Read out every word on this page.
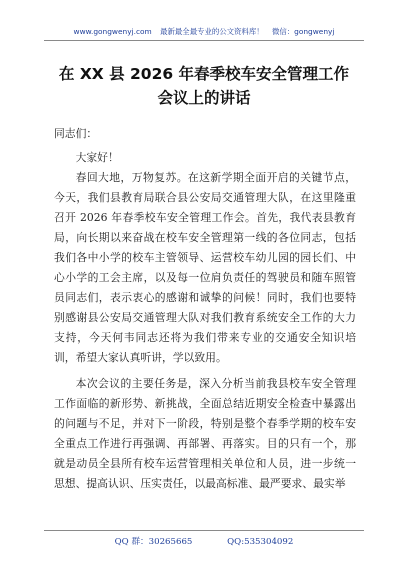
www.gongwenyj.com 最新最全最专业的公文资料库！ 微信：gongwenyj
在 XX 县 2026 年春季校车安全管理工作
会议上的讲话

同志们：

大家好！

春回大地，万物复苏。在这新学期全面开启的关键节点，今天，我们县教育局联合县公安局交通管理大队，在这里隆重召开 2026 年春季校车安全管理工作会。首先，我代表县教育局，向长期以来奋战在校车安全管理第一线的各位同志，包括我们各中小学的校车主管领导、运营校车幼儿园的园长们、中心小学的工会主席，以及每一位肩负责任的驾驶员和随车照管员同志们，表示衷心的感谢和诚挚的问候！同时，我们也要特别感谢县公安局交通管理大队对我们教育系统安全工作的大力支持，今天何韦同志还将为我们带来专业的交通安全知识培训，希望大家认真听讲，学以致用。

本次会议的主要任务是，深入分析当前我县校车安全管理工作面临的新形势、新挑战，全面总结近期安全检查中暴露出的问题与不足，并对下一阶段，特别是整个春季学期的校车安全重点工作进行再强调、再部署、再落实。目的只有一个，那就是动员全县所有校车运营管理相关单位和人员，进一步统一思想、提高认识、压实责任，以最高标准、最严要求、最实举

QQ 群：30265665	QQ:535304092
